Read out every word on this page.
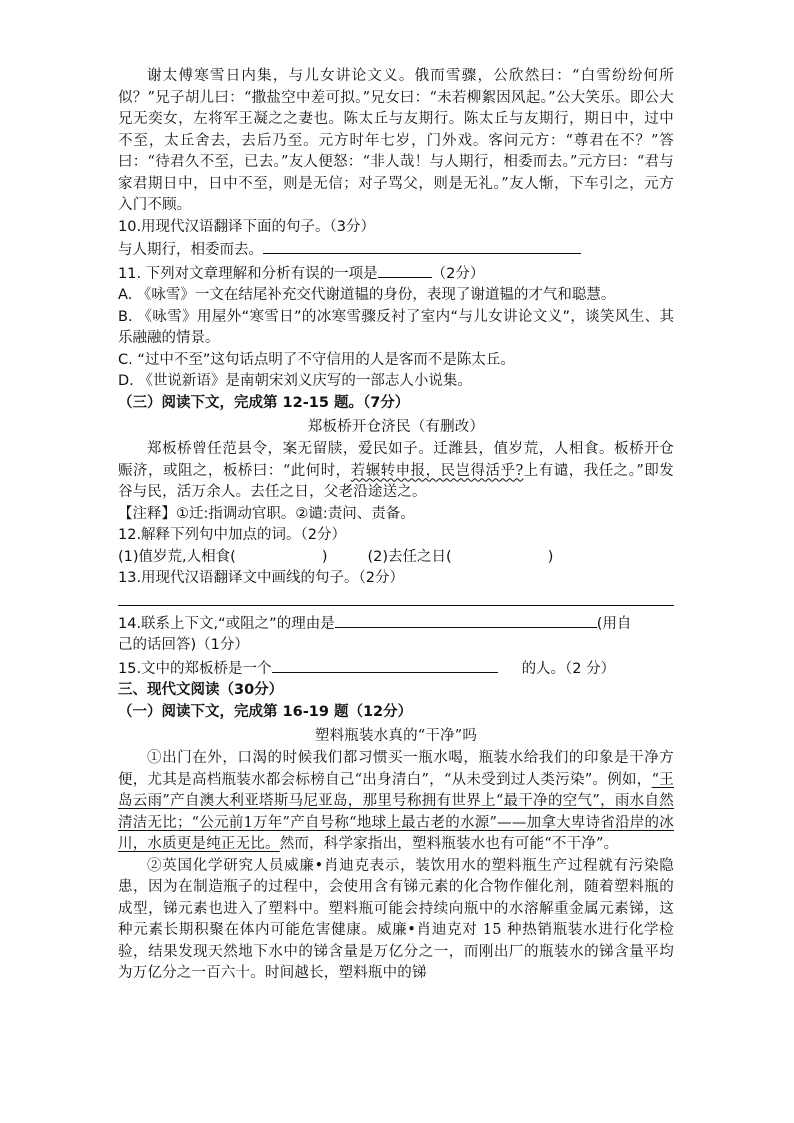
谢太傅寒雪日内集，与儿女讲论文义。俄而雪骤，公欣然曰：“白雪纷纷何所似？”兄子胡儿曰：“撒盐空中差可拟。”兄女曰：“未若柳絮因风起。”公大笑乐。即公大兄无奕女，左将军王凝之之妻也。陈太丘与友期行。陈太丘与友期行，期日中，过中不至，太丘舍去，去后乃至。元方时年七岁，门外戏。客问元方：“尊君在不？”答曰：“待君久不至，已去。”友人便怒：“非人哉！与人期行，相委而去。”元方曰：“君与家君期日中，日中不至，则是无信；对子骂父，则是无礼。”友人惭，下车引之，元方入门不顾。

10.用现代汉语翻译下面的句子。（3分）

与人期行，相委而去。

11. 下列对文章理解和分析有误的一项是	（2分）

A. 《咏雪》一文在结尾补充交代谢道韫的身份，表现了谢道韫的才气和聪慧。

B. 《咏雪》用屋外“寒雪日”的冰寒雪骤反衬了室内“与儿女讲论文义”，谈笑风生、其乐融融的情景。

C. “过中不至”这句话点明了不守信用的人是客而不是陈太丘。

D. 《世说新语》是南朝宋刘义庆写的一部志人小说集。

（三）阅读下文，完成第 12-15 题。（7分）

郑板桥开仓济民（有删改）

郑板桥曾任范县令，案无留牍，爱民如子。迁潍县，值岁荒，人相食。板桥开仓赈济，或阻之，板桥曰：“此何时，若辗转申报，民岂得活乎?上有谴，我任之。”即发谷与民，活万余人。去任之日，父老沿途送之。

【注释】①迁:指调动官职。②谴:责问、责备。

12.解释下列句中加点的词。（2分）

(1)值岁荒,人相食(	)	(2)去任之日(	)

13.用现代汉语翻译文中画线的句子。（2分）

14.联系上下文,“或阻之”的理由是	(用自

己的话回答)（1分）

15.文中的郑板桥是一个	的人。（2 分）

三、现代文阅读（30分）

（一）阅读下文，完成第 16-19 题（12分）

塑料瓶装水真的“干净”吗

①出门在外，口渴的时候我们都习惯买一瓶水喝，瓶装水给我们的印象是干净方便，尤其是高档瓶装水都会标榜自己“出身清白”，“从未受到过人类污染”。例如，“王岛云雨”产自澳大利亚塔斯马尼亚岛，那里号称拥有世界上“最干净的空气”，雨水自然清洁无比；“公元前1万年”产自号称“地球上最古老的水源”——加拿大卑诗省沿岸的冰川，水质更是纯正无比。然而，科学家指出，塑料瓶装水也有可能“不干净”。

②英国化学研究人员威廉•肖迪克表示，装饮用水的塑料瓶生产过程就有污染隐患，因为在制造瓶子的过程中，会使用含有锑元素的化合物作催化剂，随着塑料瓶的成型，锑元素也进入了塑料中。塑料瓶可能会持续向瓶中的水溶解重金属元素锑，这种元素长期积聚在体内可能危害健康。威廉•肖迪克对 15 种热销瓶装水进行化学检验，结果发现天然地下水中的锑含量是万亿分之一，而刚出厂的瓶装水的锑含量平均为万亿分之一百六十。时间越长，塑料瓶中的锑
